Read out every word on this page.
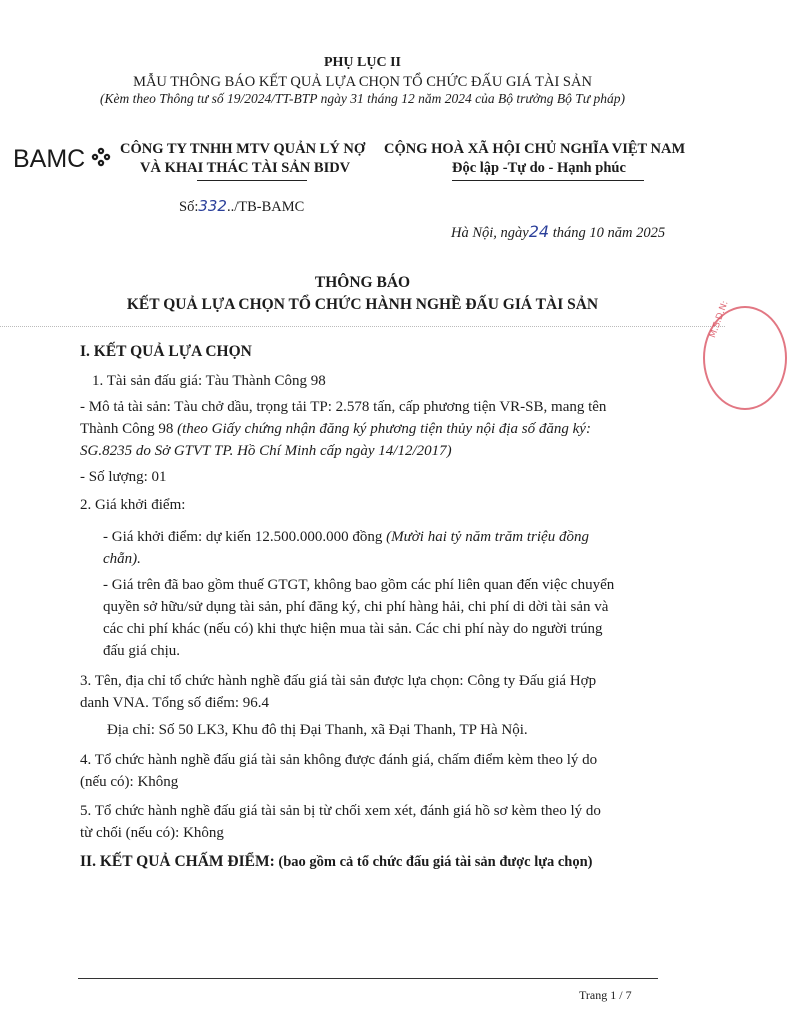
PHỤ LỤC II
MẪU THÔNG BÁO KẾT QUẢ LỰA CHỌN TỔ CHỨC ĐẤU GIÁ TÀI SẢN
(Kèm theo Thông tư số 19/2024/TT-BTP ngày 31 tháng 12 năm 2024 của Bộ trưởng Bộ Tư pháp)
BAMC	CÔNG TY TNHH MTV QUẢN LÝ NỢ
VÀ KHAI THÁC TÀI SẢN BIDV
CỘNG HOÀ XÃ HỘI CHỦ NGHĨA VIỆT NAM
Độc lập -Tự do - Hạnh phúc
Số:332../TB-BAMC
Hà Nội, ngày24 tháng 10 năm 2025
THÔNG BÁO
KẾT QUẢ LỰA CHỌN TỔ CHỨC HÀNH NGHỀ ĐẤU GIÁ TÀI SẢN	M.S.D.N:
I. KẾT QUẢ LỰA CHỌN
1. Tài sản đấu giá: Tàu Thành Công 98
- Mô tả tài sản: Tàu chở dầu, trọng tải TP: 2.578 tấn, cấp phương tiện VR-SB, mang tên
Thành Công 98 (theo Giấy chứng nhận đăng ký phương tiện thủy nội địa số đăng ký:
SG.8235 do Sở GTVT TP. Hồ Chí Minh cấp ngày 14/12/2017)
- Số lượng: 01
2. Giá khởi điểm:
- Giá khởi điểm: dự kiến 12.500.000.000 đồng (Mười hai tỷ năm trăm triệu đồng
chẵn).
- Giá trên đã bao gồm thuế GTGT, không bao gồm các phí liên quan đến việc chuyển
quyền sở hữu/sử dụng tài sản, phí đăng ký, chi phí hàng hải, chi phí di dời tài sản và
các chi phí khác (nếu có) khi thực hiện mua tài sản. Các chi phí này do người trúng
đấu giá chịu.
3. Tên, địa chỉ tổ chức hành nghề đấu giá tài sản được lựa chọn: Công ty Đấu giá Hợp
danh VNA. Tổng số điểm: 96.4
Địa chỉ: Số 50 LK3, Khu đô thị Đại Thanh, xã Đại Thanh, TP Hà Nội.
4. Tổ chức hành nghề đấu giá tài sản không được đánh giá, chấm điểm kèm theo lý do
(nếu có): Không
5. Tổ chức hành nghề đấu giá tài sản bị từ chối xem xét, đánh giá hồ sơ kèm theo lý do
từ chối (nếu có): Không
II. KẾT QUẢ CHẤM ĐIỂM: (bao gồm cả tổ chức đấu giá tài sản được lựa chọn)
Trang 1 / 7
